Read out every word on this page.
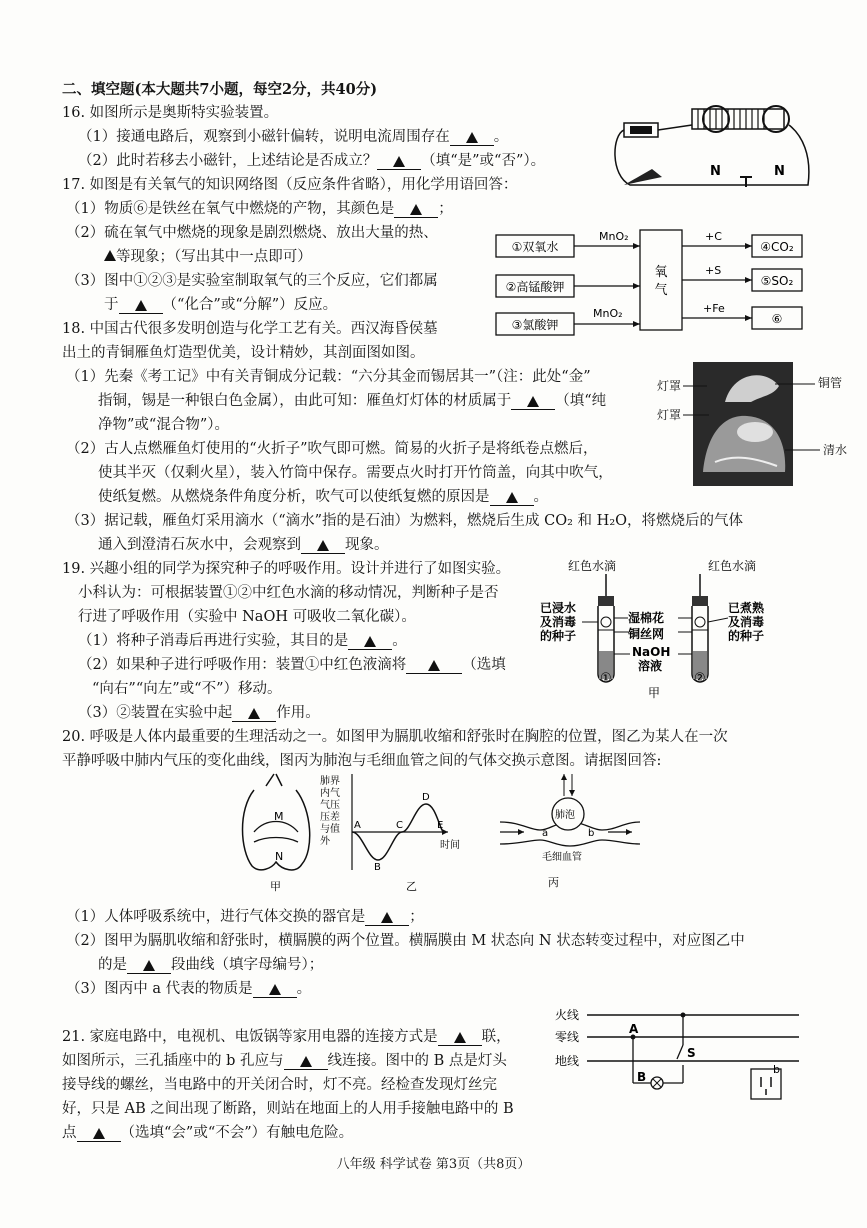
二、填空题(本大题共7小题，每空2分，共40分)
16. 如图所示是奥斯特实验装置。
（1）接通电路后，观察到小磁针偏转，说明电流周围存在	。
（2）此时若移去小磁针，上述结论是否成立？	（填“是”或“否”）。
N	N
17. 如图是有关氧气的知识网络图（反应条件省略），用化学用语回答：
（1）物质⑥是铁丝在氧气中燃烧的产物，其颜色是	；
（2）硫在氧气中燃烧的现象是剧烈燃烧、放出大量的热、
等现象；（写出其中一点即可）
（3）图中①②③是实验室制取氧气的三个反应，它们都属
于	（“化合”或“分解”）反应。
①双氧水
②高锰酸钾
③氯酸钾
MnO₂
MnO₂
氧
气
+C
+S
+Fe
④CO₂
⑤SO₂
⑥
18. 中国古代很多发明创造与化学工艺有关。西汉海昏侯墓
出土的青铜雁鱼灯造型优美，设计精妙，其剖面图如图。
（1）先秦《考工记》中有关青铜成分记载：“六分其金而锡居其一”（注：此处“金”
指铜，锡是一种银白色金属），由此可知：雁鱼灯灯体的材质属于	（填“纯
净物”或“混合物”）。
（2）古人点燃雁鱼灯使用的“火折子”吹气即可燃。简易的火折子是将纸卷点燃后，
使其半灭（仅剩火星），装入竹筒中保存。需要点火时打开竹筒盖，向其中吹气，
使纸复燃。从燃烧条件角度分析，吹气可以使纸复燃的原因是	。
（3）据记载，雁鱼灯采用滴水（“滴水”指的是石油）为燃料，燃烧后生成 CO₂ 和 H₂O，将燃烧后的气体
通入到澄清石灰水中，会观察到	现象。
灯罩	铜管
灯罩
清水
19. 兴趣小组的同学为探究种子的呼吸作用。设计并进行了如图实验。
小科认为：可根据装置①②中红色水滴的移动情况，判断种子是否
行进了呼吸作用（实验中 NaOH 可吸收二氧化碳）。
（1）将种子消毒后再进行实验，其目的是	。
（2）如果种子进行呼吸作用：装置①中红色液滴将	（选填
“向右”“向左”或“不”）移动。
（3）②装置在实验中起	作用。
红色水滴	红色水滴
已浸水
及消毒
的种子
湿棉花
铜丝网
NaOH
溶液
已煮熟
及消毒
的种子
①	②
甲
20. 呼吸是人体内最重要的生理活动之一。如图甲为膈肌收缩和舒张时在胸腔的位置，图乙为某人在一次
平静呼吸中肺内气压的变化曲线，图丙为肺泡与毛细血管之间的气体交换示意图。请据图回答:
M
N
甲
肺界
内气
气压
压差
与值
外
A
B
C
D
E
时间
乙
肺泡
a	b
毛细血管
丙
（1）人体呼吸系统中，进行气体交换的器官是	；
（2）图甲为膈肌收缩和舒张时，横膈膜的两个位置。横膈膜由 M 状态向 N 状态转变过程中，对应图乙中
的是	段曲线（填字母编号）；
（3）图丙中 a 代表的物质是	。
21. 家庭电路中，电视机、电饭锅等家用电器的连接方式是	联，
如图所示，三孔插座中的 b 孔应与	线连接。图中的 B 点是灯头
接导线的螺丝，当电路中的开关闭合时，灯不亮。经检查发现灯丝完
好，只是 AB 之间出现了断路，则站在地面上的人用手接触电路中的 B
点	（选填“会”或“不会”）有触电危险。
火线
零线
地线
A
S
B
b
八年级 科学试卷 第3页（共8页）
